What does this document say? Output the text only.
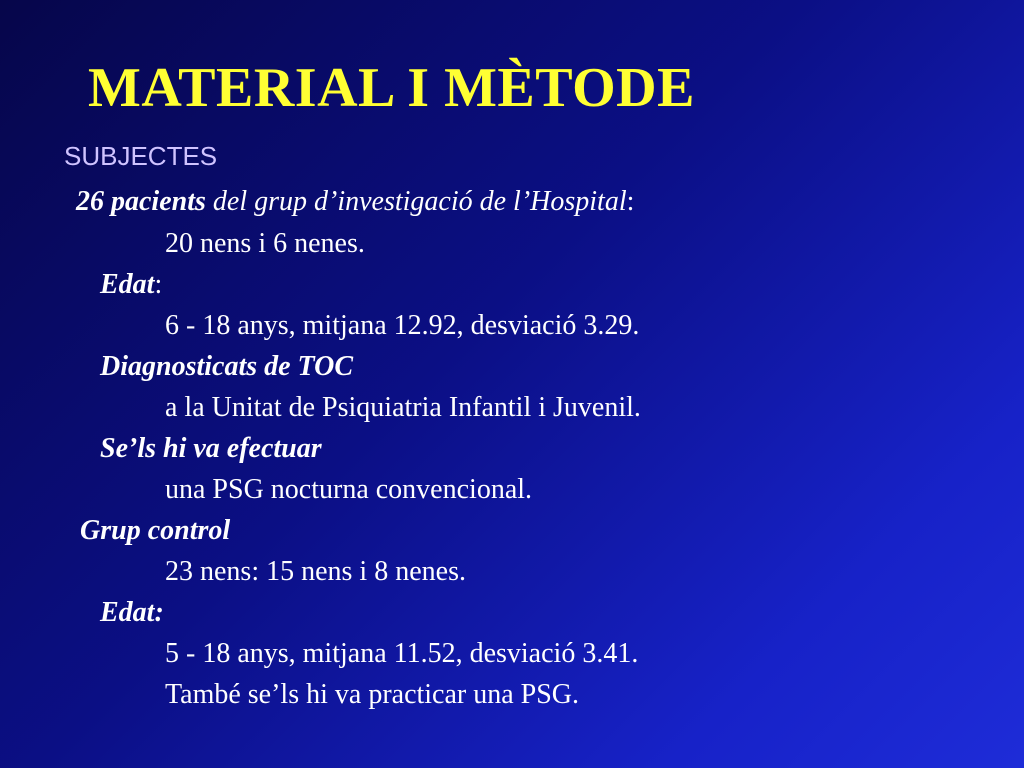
MATERIAL I MÈTODE
SUBJECTES
26 pacients del grup d’investigació de l’Hospital:
20 nens i 6 nenes.
Edat:
6 - 18 anys, mitjana 12.92, desviació 3.29.
Diagnosticats de TOC
a la Unitat de Psiquiatria Infantil i Juvenil.
Se’ls hi va efectuar
una PSG nocturna convencional.
Grup control
23 nens: 15 nens i 8 nenes.
Edat:
5 - 18 anys, mitjana 11.52, desviació 3.41.
També se’ls hi va practicar una PSG.
